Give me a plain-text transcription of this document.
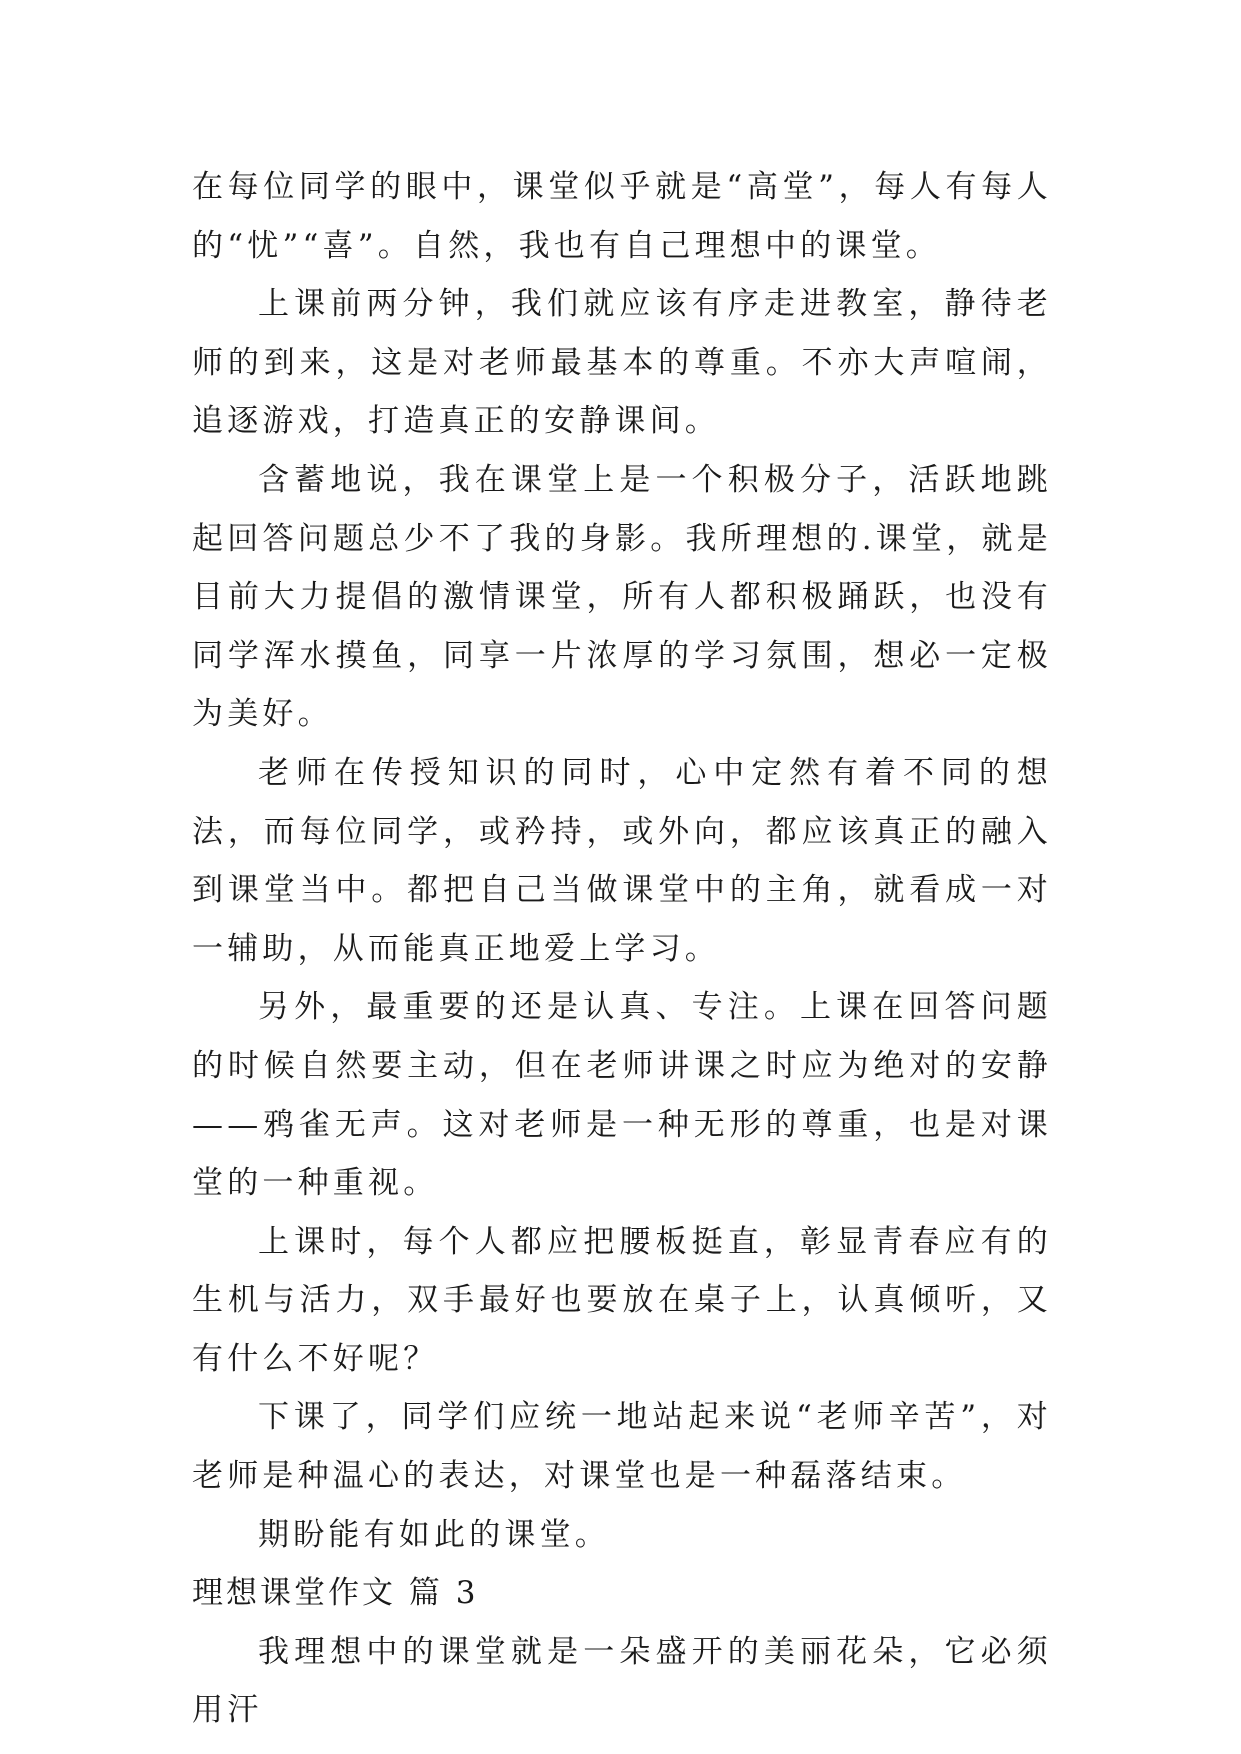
在每位同学的眼中，课堂似乎就是“高堂”，每人有每人的“忧”“喜”。自然，我也有自己理想中的课堂。

上课前两分钟，我们就应该有序走进教室，静待老师的到来，这是对老师最基本的尊重。不亦大声喧闹，追逐游戏，打造真正的安静课间。

含蓄地说，我在课堂上是一个积极分子，活跃地跳起回答问题总少不了我的身影。我所理想的.课堂，就是目前大力提倡的激情课堂，所有人都积极踊跃，也没有同学浑水摸鱼，同享一片浓厚的学习氛围，想必一定极为美好。

老师在传授知识的同时，心中定然有着不同的想法，而每位同学，或矜持，或外向，都应该真正的融入到课堂当中。都把自己当做课堂中的主角，就看成一对一辅助，从而能真正地爱上学习。

另外，最重要的还是认真、专注。上课在回答问题的时候自然要主动，但在老师讲课之时应为绝对的安静——鸦雀无声。这对老师是一种无形的尊重，也是对课堂的一种重视。

上课时，每个人都应把腰板挺直，彰显青春应有的生机与活力，双手最好也要放在桌子上，认真倾听，又有什么不好呢？

下课了，同学们应统一地站起来说“老师辛苦”，对老师是种温心的表达，对课堂也是一种磊落结束。

期盼能有如此的课堂。

理想课堂作文 篇 3

我理想中的课堂就是一朵盛开的美丽花朵，它必须用汗
